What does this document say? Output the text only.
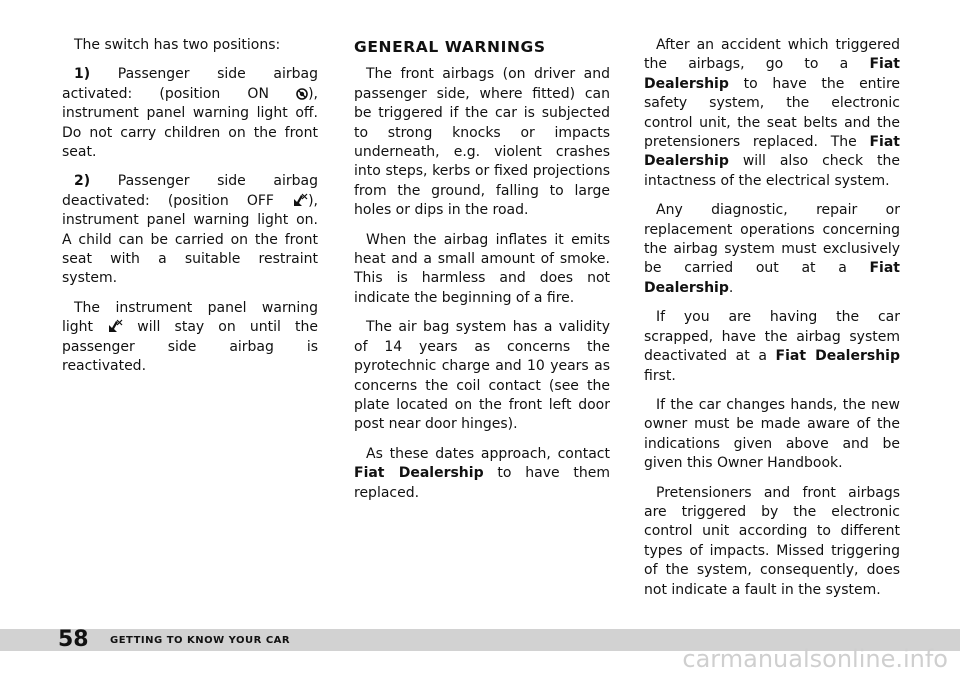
The switch has two positions:

1) Passenger side airbag activated: (position ON
), instrument panel warning light off. Do not carry children on the front seat.

2) Passenger side airbag deactivated: (position OFF
), instrument panel warning light on. A child can be carried on the front seat with a suitable restraint system.

The instrument panel warning light
will stay on until the passenger side airbag is reactivated.

GENERAL WARNINGS

The front airbags (on driver and passenger side, where fitted) can be triggered if the car is subjected to strong knocks or impacts underneath, e.g. violent crashes into steps, kerbs or fixed projections from the ground, falling to large holes or dips in the road.

When the airbag inflates it emits heat and a small amount of smoke. This is harmless and does not indicate the beginning of a fire.

The air bag system has a validity of 14 years as concerns the pyrotechnic charge and 10 years as concerns the coil contact (see the plate located on the front left door post near door hinges).

As these dates approach, contact Fiat Dealership to have them replaced.

After an accident which triggered the airbags, go to a Fiat Dealership to have the entire safety system, the electronic control unit, the seat belts and the pretensioners replaced. The Fiat Dealership will also check the intactness of the electrical system.

Any diagnostic, repair or replacement operations concerning the airbag system must exclusively be carried out at a Fiat Dealership.

If you are having the car scrapped, have the airbag system deactivated at a Fiat Dealership first.

If the car changes hands, the new owner must be made aware of the indications given above and be given this Owner Handbook.

Pretensioners and front airbags are triggered by the electronic control unit according to different types of impacts. Missed triggering of the system, consequently, does not indicate a fault in the system.

58 GETTING TO KNOW YOUR CAR
carmanualsonline.info
